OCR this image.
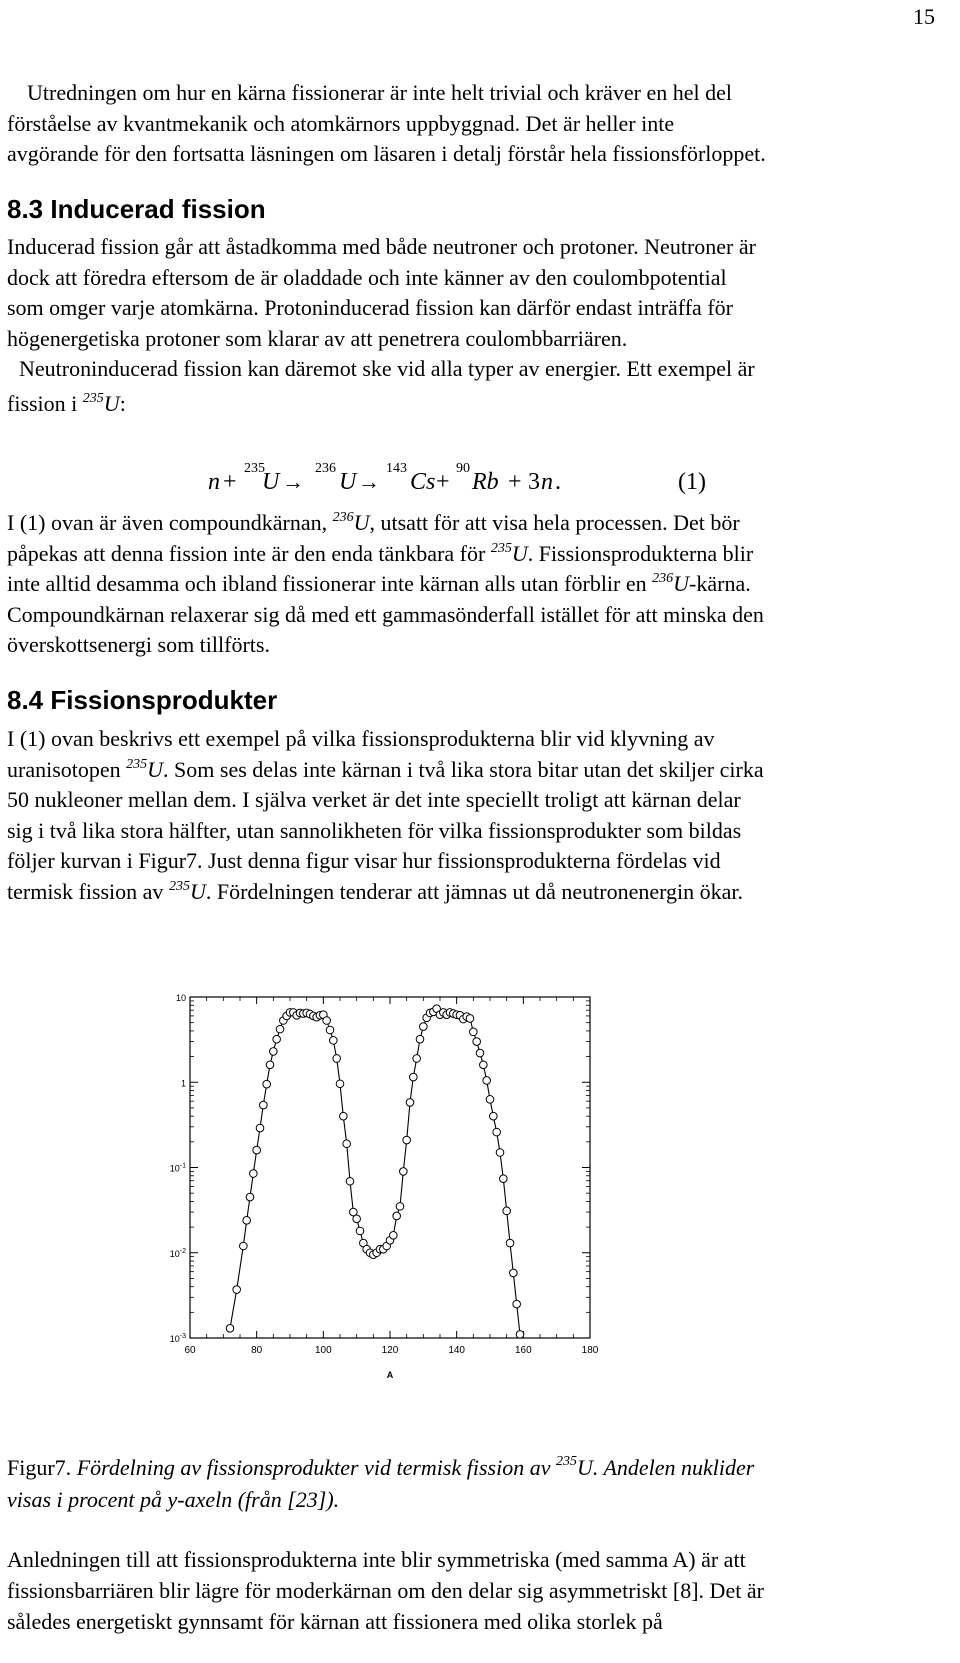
15

Utredningen om hur en kärna fissionerar är inte helt trivial och kräver en hel del

förståelse av kvantmekanik och atomkärnors uppbyggnad. Det är heller inte

avgörande för den fortsatta läsningen om läsaren i detalj förstår hela fissionsförloppet.

8.3 Inducerad fission

Inducerad fission går att åstadkomma med både neutroner och protoner. Neutroner är

dock att föredra eftersom de är oladdade och inte känner av den coulombpotential

som omger varje atomkärna. Protoninducerad fission kan därför endast inträffa för

högenergetiska protoner som klarar av att penetrera coulombbarriären.

Neutroninducerad fission kan däremot ske vid alla typer av energier. Ett exempel är

fission i $^{235}$U:

n +
235
U →
236
U →
143
Cs +
90
Rb + 3 n .	(1)

I (1) ovan är även compoundkärnan, $^{236}$U, utsatt för att visa hela processen. Det bör

påpekas att denna fission inte är den enda tänkbara för $^{235}$U. Fissionsprodukterna blir

inte alltid desamma och ibland fissionerar inte kärnan alls utan förblir en $^{236}$U-kärna.

Compoundkärnan relaxerar sig då med ett gammasönderfall istället för att minska den

överskottsenergi som tillförts.

8.4 Fissionsprodukter

I (1) ovan beskrivs ett exempel på vilka fissionsprodukterna blir vid klyvning av

uranisotopen $^{235}$U. Som ses delas inte kärnan i två lika stora bitar utan det skiljer cirka

50 nukleoner mellan dem. I själva verket är det inte speciellt troligt att kärnan delar

sig i två lika stora hälfter, utan sannolikheten för vilka fissionsprodukter som bildas

följer kurvan i Figur7. Just denna figur visar hur fissionsprodukterna fördelas vid

termisk fission av $^{235}$U. Fördelningen tenderar att jämnas ut då neutronenergin ökar.

60	80	100	120	140	160	180
A
10
1
$10^{-1}$
$10^{-2}$
$10^{-3}$
Figur7. Fördelning av fissionsprodukter vid termisk fission av $^{235}$U. Andelen nuklider
visas i procent på y-axeln (från [23]).

Anledningen till att fissionsprodukterna inte blir symmetriska (med samma A) är att

fissionsbarriären blir lägre för moderkärnan om den delar sig asymmetriskt [8]. Det är

således energetiskt gynnsamt för kärnan att fissionera med olika storlek på
